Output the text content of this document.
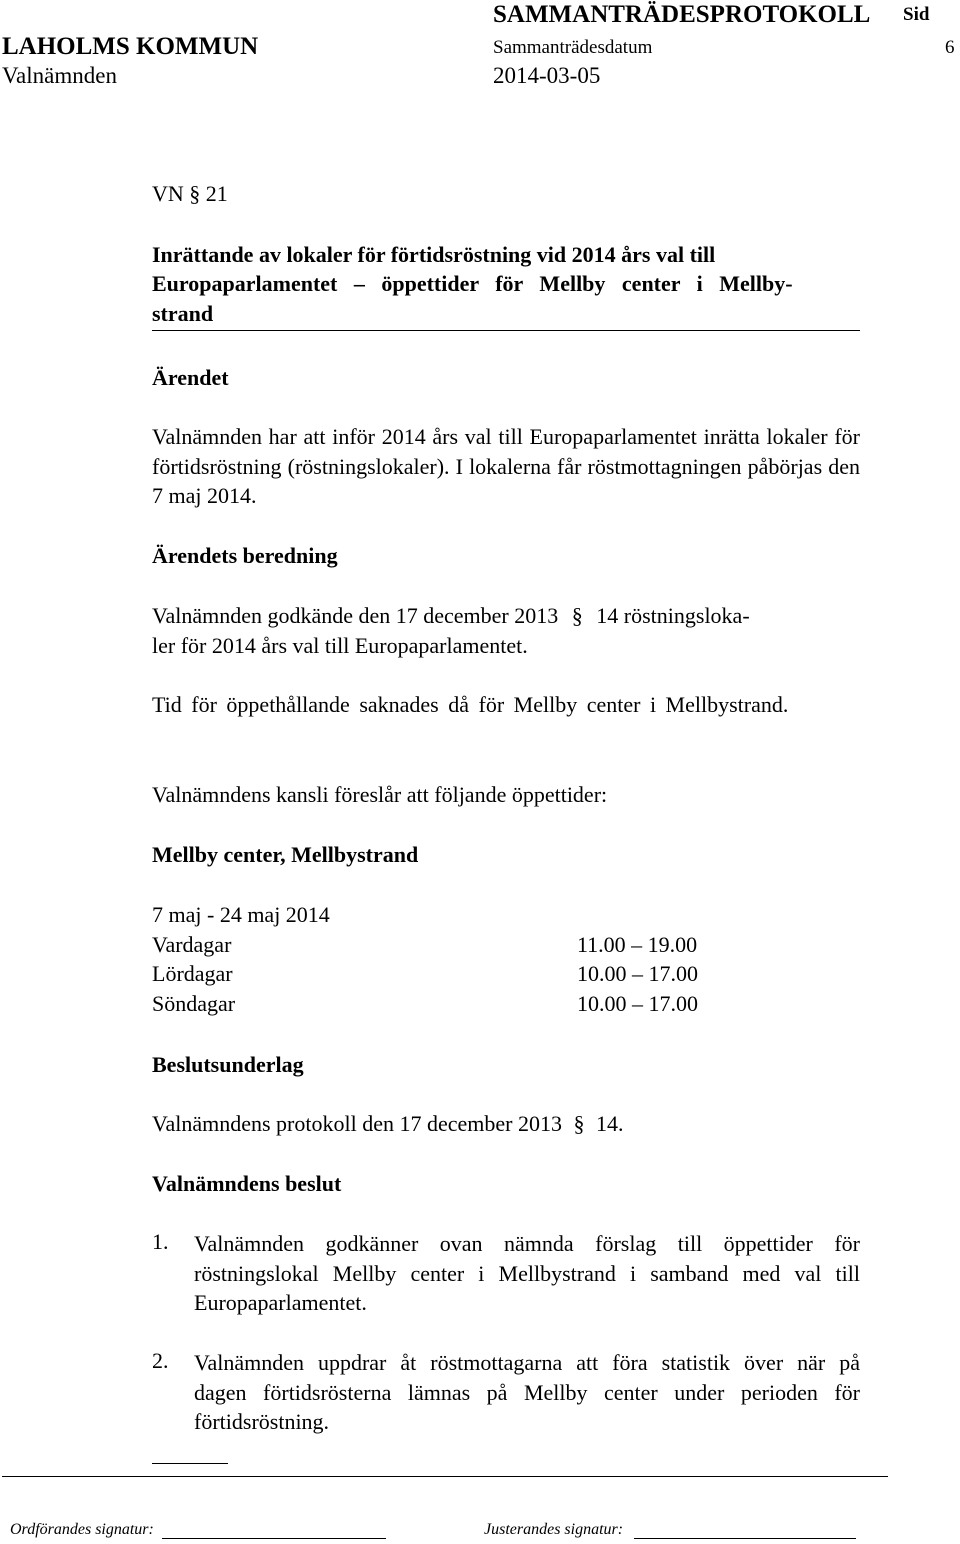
SAMMANTRÄDESPROTOKOLL Sid
LAHOLMS KOMMUN	Sammanträdesdatum	6
Valnämnden	2014-03-05
VN § 21
Inrättande av lokaler för förtidsröstning vid 2014 års val till
Europaparlamentet – öppettider för Mellby center i Mellby-
strand
Ärendet
Valnämnden har att inför 2014 års val till Europaparlamentet inrätta lokaler för förtidsröstning (röstningslokaler). I lokalerna får röstmottagningen påbörjas den 7 maj 2014.
Ärendets beredning
Valnämnden godkände den 17 december 2013 § 14 röstningsloka-
ler för 2014 års val till Europaparlamentet.
Tid för öppethållande saknades då för Mellby center i Mellbystrand.
Valnämndens kansli föreslår att följande öppettider:
Mellby center, Mellbystrand
7 maj - 24 maj 2014
Vardagar	11.00 – 19.00
Lördagar	10.00 – 17.00
Söndagar	10.00 – 17.00
Beslutsunderlag
Valnämndens protokoll den 17 december 2013 § 14.
Valnämndens beslut
1. Valnämnden godkänner ovan nämnda förslag till öppettider för röstningslokal Mellby center i Mellbystrand i samband med val till Europaparlamentet.
2. Valnämnden uppdrar åt röstmottagarna att föra statistik över när på dagen förtidsrösterna lämnas på Mellby center under perioden för förtidsröstning.
Ordförandes signatur:	Justerandes signatur:
